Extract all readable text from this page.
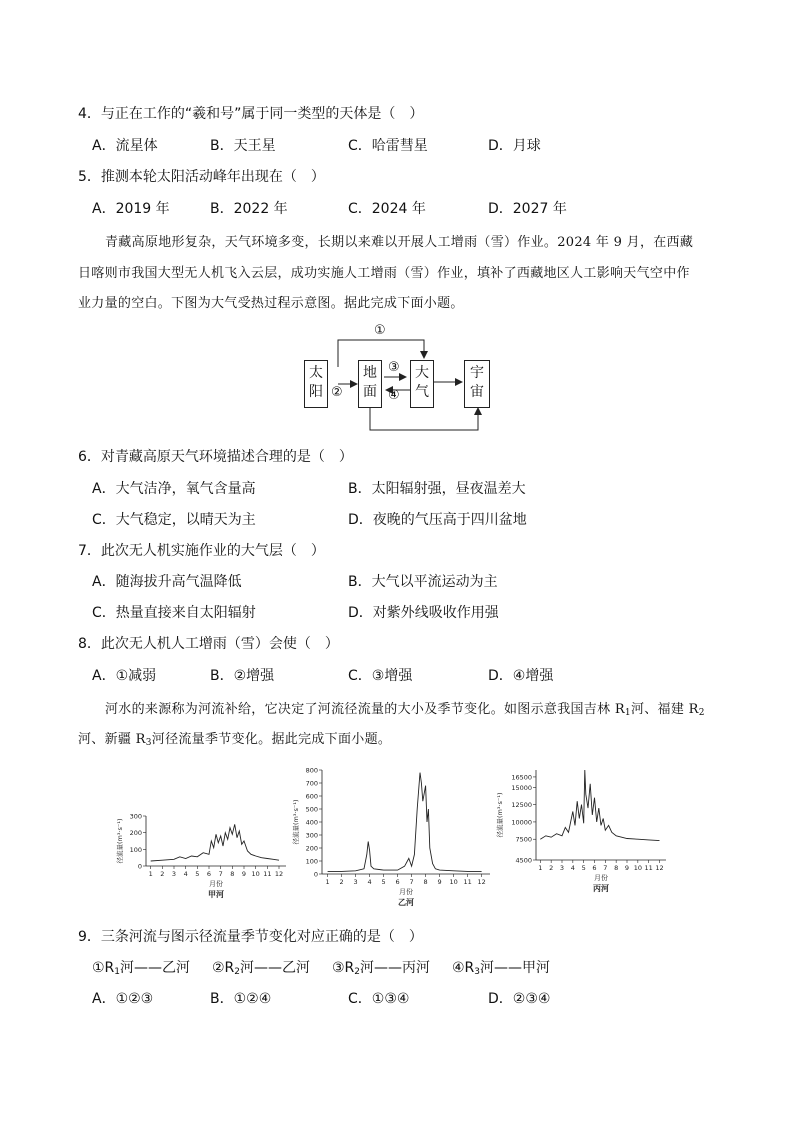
4．与正在工作的“羲和号”属于同一类型的天体是（　）
A．流星体	B．天王星	C．哈雷彗星	D．月球
5．推测本轮太阳活动峰年出现在（　）
A．2019 年	B．2022 年	C．2024 年	D．2027 年
青藏高原地形复杂，天气环境多变，长期以来难以开展人工增雨（雪）作业。2024 年 9 月，在西藏
日喀则市我国大型无人机飞入云层，成功实施人工增雨（雪）作业，填补了西藏地区人工影响天气空中作
业力量的空白。下图为大气受热过程示意图。据此完成下面小题。
太阳
地面
大气
宇宙
①
②
③
④
6．对青藏高原天气环境描述合理的是（　）
A．大气洁净，氧气含量高	B．太阳辐射强，昼夜温差大
C．大气稳定，以晴天为主	D．夜晚的气压高于四川盆地
7．此次无人机实施作业的大气层（　）
A．随海拔升高气温降低	B．大气以平流运动为主
C．热量直接来自太阳辐射	D．对紫外线吸收作用强
8．此次无人机人工增雨（雪）会使（　）
A．①减弱	B．②增强	C．③增强	D．④增强
河水的来源称为河流补给，它决定了河流径流量的大小及季节变化。如图示意我国吉林 $R_1$河、福建 $R_2$
河、新疆 $R_3$河径流量季节变化。据此完成下面小题。
0
100
200
300
1 2 3 4 5 6 7 8 9 10 11 12
月份
甲河
径流量(m³·s⁻¹)
0
100
200
300
400
500
600
700
800
1 2 3 4 5 6 7 8 9 10 11 12
月份
乙河
径流量(m³·s⁻¹)
4500
7500
10000
12500
15000
16500
1 2 3 4 5 6 7 8 9 10 11 12
月份
丙河
径流量(m³·s⁻¹)
9．三条河流与图示径流量季节变化对应正确的是（　）
$①R_1$河——乙河 $②R_2$河——乙河 $③R_2$河——丙河 $④R_3$河——甲河
A．①②③	B．①②④	C．①③④	D．②③④
